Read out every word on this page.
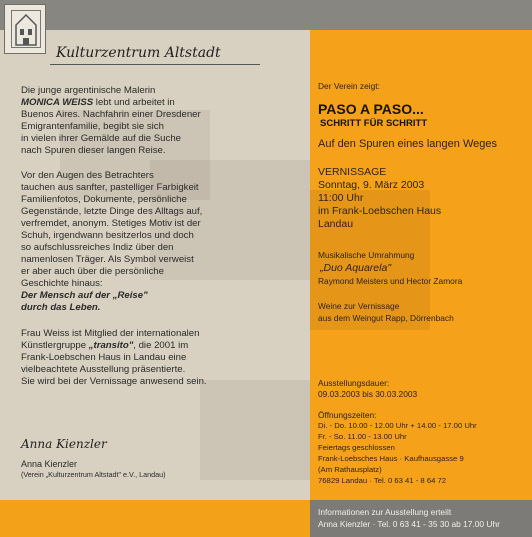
Kulturzentrum Altstadt
Die junge argentinische Malerin
MONICA WEISS lebt und arbeitet in
Buenos Aires. Nachfahrin einer Dresdener
Emigrantenfamilie, begibt sie sich
in vielen ihrer Gemälde auf die Suche
nach Spuren dieser langen Reise.
Vor den Augen des Betrachters
tauchen aus sanfter, pastelliger Farbigkeit
Familienfotos, Dokumente, persönliche
Gegenstände, letzte Dinge des Alltags auf,
verfremdet, anonym. Stetiges Motiv ist der
Schuh, irgendwann besitzerlos und doch
so aufschlussreiches Indiz über den
namenlosen Träger. Als Symbol verweist
er aber auch über die persönliche
Geschichte hinaus:
Der Mensch auf der „Reise"
durch das Leben.
Frau Weiss ist Mitglied der internationalen
Künstlergruppe „transito", die 2001 im
Frank-Loebschen Haus in Landau eine
vielbeachtete Ausstellung präsentierte.
Sie wird bei der Vernissage anwesend sein.
Anna Kienzler
Anna Kienzler
(Verein „Kulturzentrum Altstadt" e.V., Landau)
Der Verein zeigt:
PASO A PASO...
SCHRITT FÜR SCHRITT
Auf den Spuren eines langen Weges
VERNISSAGE
Sonntag, 9. März 2003
11:00 Uhr
im Frank-Loebschen Haus
Landau
Musikalische Umrahmung
„Duo Aquarela"
Raymond Meisters und Hector Zamora
Weine zur Vernissage
aus dem Weingut Rapp, Dörrenbach
Ausstellungsdauer:
09.03.2003 bis 30.03.2003
Öffnungszeiten:
Di. - Do. 10.00 - 12.00 Uhr + 14.00 - 17.00 Uhr
Fr. - So. 11.00 - 13.00 Uhr
Feiertags geschlossen
Frank-Loebsches Haus · Kaufhausgasse 9
(Am Rathausplatz)
76829 Landau · Tel. 0 63 41 - 8 64 72
Informationen zur Ausstellung erteilt
Anna Kienzler · Tel. 0 63 41 - 35 30 ab 17.00 Uhr
